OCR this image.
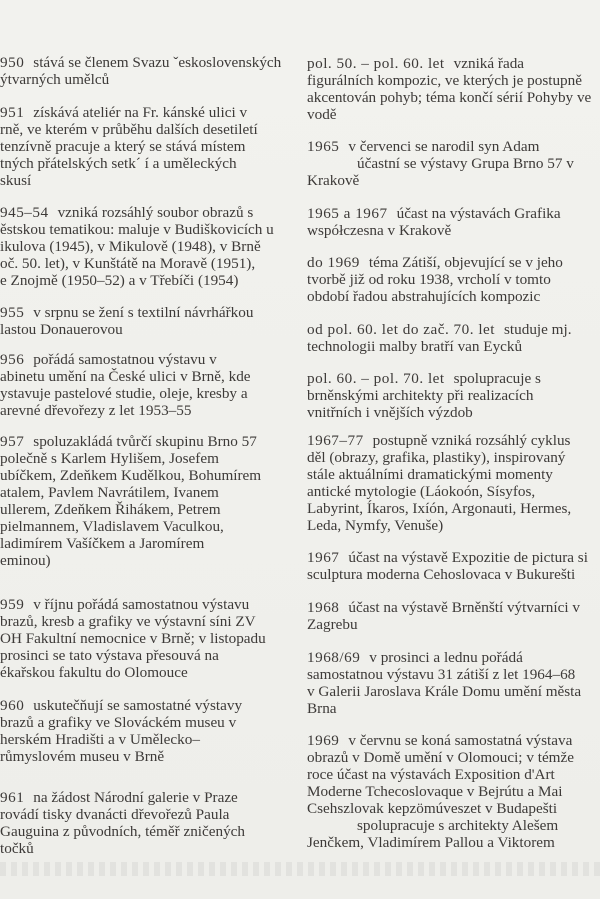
950 stává se členem Svazu ˇeskoslovenských
ýtvarných umělců
951 získává ateliér na Fr. kánské ulici v
rně, ve kterém v průběhu dalších desetiletí
tenzívně pracuje a který se stává místem
tných přátelských setk´ í a uměleckých
skusí
945–54 vzniká rozsáhlý soubor obrazů s
ěstskou tematikou: maluje v Budiškovicích u
ikulova (1945), v Mikulově (1948), v Brně
oč. 50. let), v Kunštátě na Moravě (1951),
e Znojmě (1950–52) a v Třebíči (1954)
955 v srpnu se žení s textilní návrhářkou
lastou Donauerovou
956 pořádá samostatnou výstavu v
abinetu umění na České ulici v Brně, kde
ystavuje pastelové studie, oleje, kresby a
arevné dřevořezy z let 1953–55
957 spoluzakládá tvůrčí skupinu Brno 57
polečně s Karlem Hylišem, Josefem
ubíčkem, Zdeňkem Kudělkou, Bohumírem
atalem, Pavlem Navrátilem, Ivanem
ullerem, Zdeňkem Řihákem, Petrem
pielmannem, Vladislavem Vaculkou,
ladimírem Vašíčkem a Jaromírem
eminou)
959 v říjnu pořádá samostatnou výstavu
brazů, kresb a grafiky ve výstavní síni ZV
OH Fakultní nemocnice v Brně; v listopadu
prosinci se tato výstava přesouvá na
ékařskou fakultu do Olomouce
960 uskutečňují se samostatné výstavy
brazů a grafiky ve Slováckém museu v
herském Hradišti a v Umělecko–
růmyslovém museu v Brně
961 na žádost Národní galerie v Praze
rovádí tisky dvanácti dřevořezů Paula
Gauguina z původních, téměř zničených
točků
pol. 50. – pol. 60. let vzniká řada
figurálních kompozic, ve kterých je postupně
akcentován pohyb; téma končí sérií Pohyby ve
vodě
1965 v červenci se narodil syn Adam
účastní se výstavy Grupa Brno 57 v
Krakově
1965 a 1967 účast na výstavách Grafika
współczesna v Krakově
do 1969 téma Zátiší, objevující se v jeho
tvorbě již od roku 1938, vrcholí v tomto
období řadou abstrahujících kompozic
od pol. 60. let do zač. 70. let studuje mj.
technologii malby bratří van Eycků
pol. 60. – pol. 70. let spolupracuje s
brněnskými architekty při realizacích
vnitřních i vnějších výzdob
1967–77 postupně vzniká rozsáhlý cyklus
děl (obrazy, grafika, plastiky), inspirovaný
stále aktuálními dramatickými momenty
antické mytologie (Láokoón, Sísyfos,
Labyrint, Íkaros, Ixíón, Argonauti, Hermes,
Leda, Nymfy, Venuše)
1967 účast na výstavě Expozitie de pictura si
sculptura moderna Cehoslovaca v Bukurešti
1968 účast na výstavě Brněnští výtvarníci v
Zagrebu
1968/69 v prosinci a lednu pořádá
samostatnou výstavu 31 zátiší z let 1964–68
v Galerii Jaroslava Krále Domu umění města
Brna
1969 v červnu se koná samostatná výstava
obrazů v Domě umění v Olomouci; v témže
roce účast na výstavách Exposition d'Art
Moderne Tchecoslovaque v Bejrútu a Mai
Csehszlovak kepzömúveszet v Budapešti
spolupracuje s architekty Alešem
Jenčkem, Vladimírem Pallou a Viktorem
